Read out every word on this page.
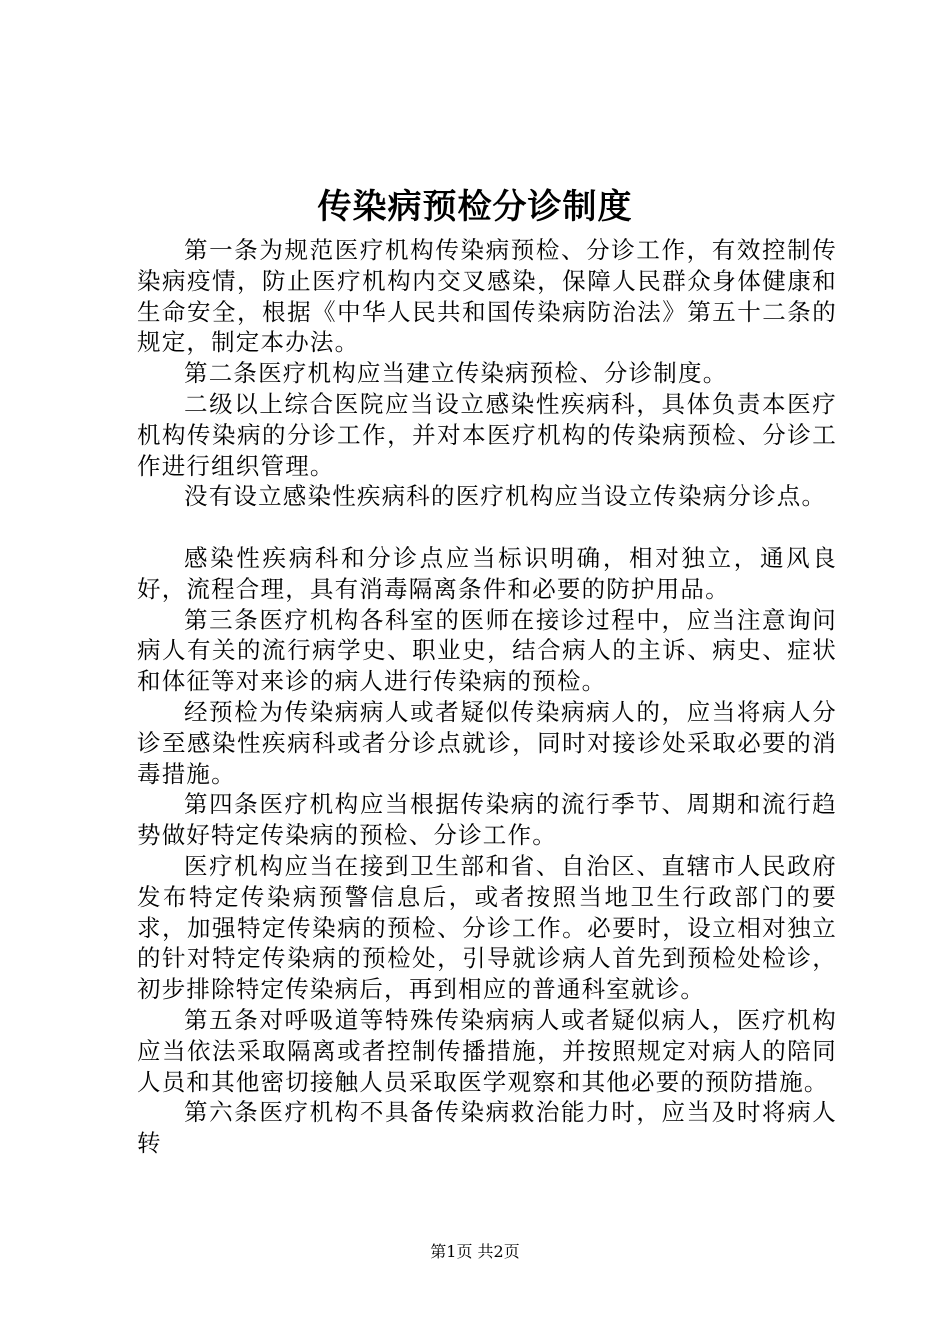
传染病预检分诊制度

第一条为规范医疗机构传染病预检、分诊工作，有效控制传染病疫情，防止医疗机构内交叉感染，保障人民群众身体健康和生命安全，根据《中华人民共和国传染病防治法》第五十二条的规定，制定本办法。

第二条医疗机构应当建立传染病预检、分诊制度。

二级以上综合医院应当设立感染性疾病科，具体负责本医疗机构传染病的分诊工作，并对本医疗机构的传染病预检、分诊工作进行组织管理。

没有设立感染性疾病科的医疗机构应当设立传染病分诊点。

感染性疾病科和分诊点应当标识明确，相对独立，通风良好，流程合理，具有消毒隔离条件和必要的防护用品。

第三条医疗机构各科室的医师在接诊过程中，应当注意询问病人有关的流行病学史、职业史，结合病人的主诉、病史、症状和体征等对来诊的病人进行传染病的预检。

经预检为传染病病人或者疑似传染病病人的，应当将病人分诊至感染性疾病科或者分诊点就诊，同时对接诊处采取必要的消毒措施。

第四条医疗机构应当根据传染病的流行季节、周期和流行趋势做好特定传染病的预检、分诊工作。

医疗机构应当在接到卫生部和省、自治区、直辖市人民政府发布特定传染病预警信息后，或者按照当地卫生行政部门的要求，加强特定传染病的预检、分诊工作。必要时，设立相对独立的针对特定传染病的预检处，引导就诊病人首先到预检处检诊，初步排除特定传染病后，再到相应的普通科室就诊。

第五条对呼吸道等特殊传染病病人或者疑似病人，医疗机构应当依法采取隔离或者控制传播措施，并按照规定对病人的陪同人员和其他密切接触人员采取医学观察和其他必要的预防措施。

第六条医疗机构不具备传染病救治能力时，应当及时将病人转

第1页 共2页
